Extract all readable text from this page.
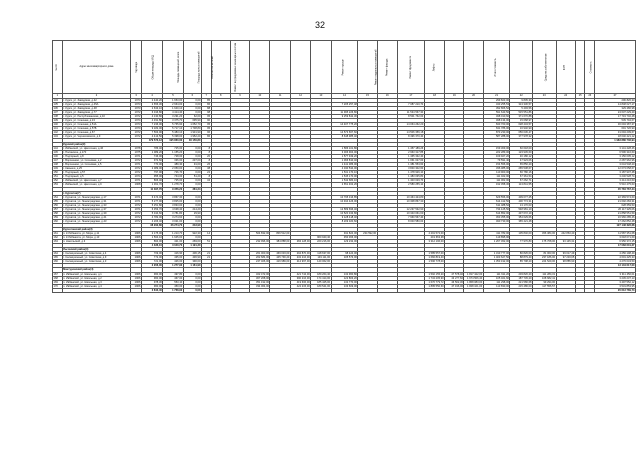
32
№ п/п	Адрес многоквартирного дома	Год ввода	Общая площадь МКД	Площадь помещений, всего	Площадь жилых помещений	Количество жителей	Ремонт внутридомовых инженерных систем						Ремонт крыши	Ремонт подвальных помещений	Ремонт фасада	Ремонт фундамента	Лифты			Итого стоимость		Средства собственников	ФРП		Стоимость	
1	2	3	4	5	6	7	8	9	10	11	12	13	14	15	16	17	18	19	20	21	22	23	24	25	26	27
134	г. Курск, ул. Заводская, д.42	1973	2 440,20	1 653,00	0,00	85														299 823,00	9 805,30					296 826,33
135	г. Курск, ул. Заводская, д.45А	1973	2 656,30	2 664,00	0,00	86							7 205 257,48			7 087 210,70				433 255,53	313 330,57					14 848 027,17
136	г. Курск, ул. Заводская, д.48	1973	2 633,10	1 640,10	0,00	88														392 866,52	5 493,56					329 286,98
137	г. Курск, ул. Заводская, д.77	1972	6 016,80	4 414,40	0,00	98							11 995 226,80			11 534 567,30				591 643,50	515 551,86					24 637 229,29
138	г. Курск, ул. Республиканская, д.10	1972	4 130,80	3 291,20	62,00	95							9 259 842,30			8 501 762,00				498 010,60	371 670,88					17 719 702,48
139	г. Курск, ул. Союзная, д.13	1974	4 331,80	3 375,70	695,90	90														498 134,00	15 668,97					539 794,67
140	г. Курск, ул. Союзная, д.51А	1973	7 236,00	5 765,90	1 652,70	95							14 407 775,20			14 064 262,20				843 760,00	628 443,57					30 094 387,37
141	г. Курск, ул. Союзная, д.57Б	1970	9 182,00	5 717,10	1 738,80	95														631 786,00	16 940,90					691 726,90
142	г. Курск, ул. Союзная, д.67	1972	7 563,90	5 483,10	1 931,90	96							14 573 667,60			14 506 356,18				873 230,00	656 036,47					31 094 209,67
143	г. Курск, ул. Черняховского, д.9	1972	4 413,50	5 398,00	1 952,20	86							8 648 985,40			8 496 370,40				587 288,00	377 978,32					18 040 421,12
			479 573,12	195 860,60	36 150,80																					1 983 886 736,94
	Курский район(9)																									
144	г. Ивбанский, ул. Цветочная, д.46	1978	786,40	725,00	0,00	8							1 586 101,80			1 457 189,26				159 309,00	60 618,00					3 141 428,46
145	г. Полянское, д.170	1975	1 089,20	1 155,20	0,00	8							3 006 904,00			2 963 317,85				222 289,00	123 945,60					6 596 316,60
146	г. Подгорный, д.8	1971	746,00	728,00	0,00	20							1 577 949,20			1 465 332,40				169 927,20	46 180,12					3 150 005,12
147	г. Ворошнево, ул. Сосновая, д.2	1972	972,60	336,00	237,00	8							1 066 810,40			1 061 027,00				79 591,40	47 923,06					2 287 962,96
148	г. Ворошнево, ул. Сосновая, д.5	1971	770,00	489,30	91,00	26							1 441 386,00			1 381 553,60				154 556,00	65 850,20					3 044 548,20
149	г. Камыши, д.25	1972	2 089,00	2 050,00	0,00	38							4 040 534,00			3 840 302,60				336 085,00	265 538,67					12 673 658,67
150	г. Подгорный, д.57	1972	797,90	726,70	0,00	22							1 531 170,10			1 478 926,10				110 900,00	66 780,16					3 187 907,48
151	г. Подгорный, д.5	1974	955,00	744,00	51,20	8							1 545 170,00			1 483 035,80				111 022,00	67 361,54					3 246 528,74
152	г. Ивбанский, ул. Цветочная, д.7	1971	806,40	725,00	0,00	34							1 542 684,10			1 403 029,70				111 062,00	67 262,71					3 414 216,63
153	г. Ивбанский, ул. Цветочная, д.9	1968	1 361,70	1 278,70	0,00								2 651 462,26			2 580 255,10				192 058,36	113 841,55					5 510 475,63
			11 397,76	9 356,20	381,24																					45 784 767,44
	г. Курчатов(7)																									
154	г. Курчатов, ул. Ленинградская, д.17	1971	6 474,40	3 867,30	0,00								10 795 316,85			10 464 424,80				629 556,00	409 077,25					22 369 574,60
155	г. Курчатов, ул. Ленинградская, д.31	1971	5 277,90	3 825,00	0,00								10 494 426,00			10 308 867,30				614 412,50	400 774,31					21 692 284,31
156	г. Курчатов, ул. Ленинградская, д.33	1972	5 251,80	3 833,00	0,00															611 488,52	13 170,03					628 659,53
157	г. Курчатов, ул. Ленинградская, д.37	1971	6 353,70	4 638,40	214,20								12 589 696,40			12 237 532,90				734 125,50	548 981,10					26 117 325,06
158	г. Курчатов, ул. Ленинградская, д.39	1972	5 344,60	3 781,80	29,90								10 520 343,80			10 343 061,60				614 852,00	437 672,19					21 858 551,59
159	г. Курчатов, ул. Ленинградская, д.41	1972	4 782,00	3 274,60	0,00								9 128 418,40			7 960 567,40				453 355,00	354 629,66					16 966 285,46
160	г. Курчатов, ул. Ленинградская, д.43	1972	4 206,40	3 021,00	0,00								8 209 320,60			8 003 580,00				490 730,00	365 421,48					17 262 852,48
			38 290,80	26 274,70	243,90																					127 148 626,68
	Курчатовский район(3)																									
161	п. К.Либкнехта, ул. Мира, д.11	1966	2 175,00	1 213,70	922,30	14			504 832,00	806 512,00			941 824,00	234 592,00			4 291 572,00			411 782,00	105 840,00	456 384,00	242 863,40			11 587 351,68
162	п. К.Либкнехта, ул. Мира, д.13	1966	1 564,10	1 645,00	0,00							960 940,40	450 366,00				219 663,38			119 895,96						3 618 071,69
163	п. Никольский, д.3	1966	864,00	421,00	269,00	51			232 996,00	384 888,00	284 128,00	220 216,00	129 232,00				3 312 196,00			1 267 452,00	77 976,80	175 768,00	93 145,31			6 950 372,15
			4 336,10	3 040,70	1 191,30																					17 083 601,27
	Льговский район(4)																									
164	г. Селекционный, ул. Советская, д.4	1966	709,00	416,90	406,15	21			261 000,00	469 033,00	294 870,00	118 637,00	98 424,00				1 585 557,00			1 313 777,00	80 826,00	81 063,00	99 017,49			4 256 198,49
165	г. Селекционный, ул. Советская, д.9	1966	772,00	435,00	436,90	21			262 684,00	445 790,20	232 216,00	149 111,00	105 573,00				1 682 819,40			1 403 627,50	88 879,40	237 186,00	97 233,65			4 601 425,33
166	г. Селекционный, ул. Советская, д.3	1966	721,00	426,00	390,00				247 466,00	416 989,00	212 997,00	140 062,00					1 596 778,00			1 353 192,00	85 798,20	224 529,00	98 885,90			4 276 043,50
			2 206,00	1 277,90	1 161,90																					13 134 617,00
	Мантуровский район(4)																									
167	п. Ивбанский, ул. Школьная, д.1	1966	960,00	497,80	0,00				322 472,00		421 744,00	189 264,40	132 960,80				1 592 155,20	47 578,40	1 817 422,00	111 611,20	203 820,20	111 284,31				3 311 450,01
168	п. Ивбанский, ул. Школьная, д.2	1966	960,00	467,00	0,00				307 208,00		390 216,00	174 414,00	122 803,20				1 734 205,90	43 277,60	1 674 506,40	105 021,60	187 745,20	108 682,41				3 245 237,13
169	п. Ивбанский, ул. Школьная, д.3	1966	978,30	553,10	0,00				351 192,00		419 606,00	185 425,00	132 770,00				1 670 779,72	46 502,30	1 868 083,00	111 298,00	221 580,68	99 294,00				3 497 552,12
170	п. Ивбанский, ул. Школьная, д.4	1966	960,00	450,00	0,00				334 064,00		422 215,00	189 541,00	133 609,00				1 895 550,60	47 196,00	1 828 101,00	113 830,00	215 486,00	117 556,57				3 531 853,95
			3 843,40	1 768,90	0,00																					20 613 789,73
